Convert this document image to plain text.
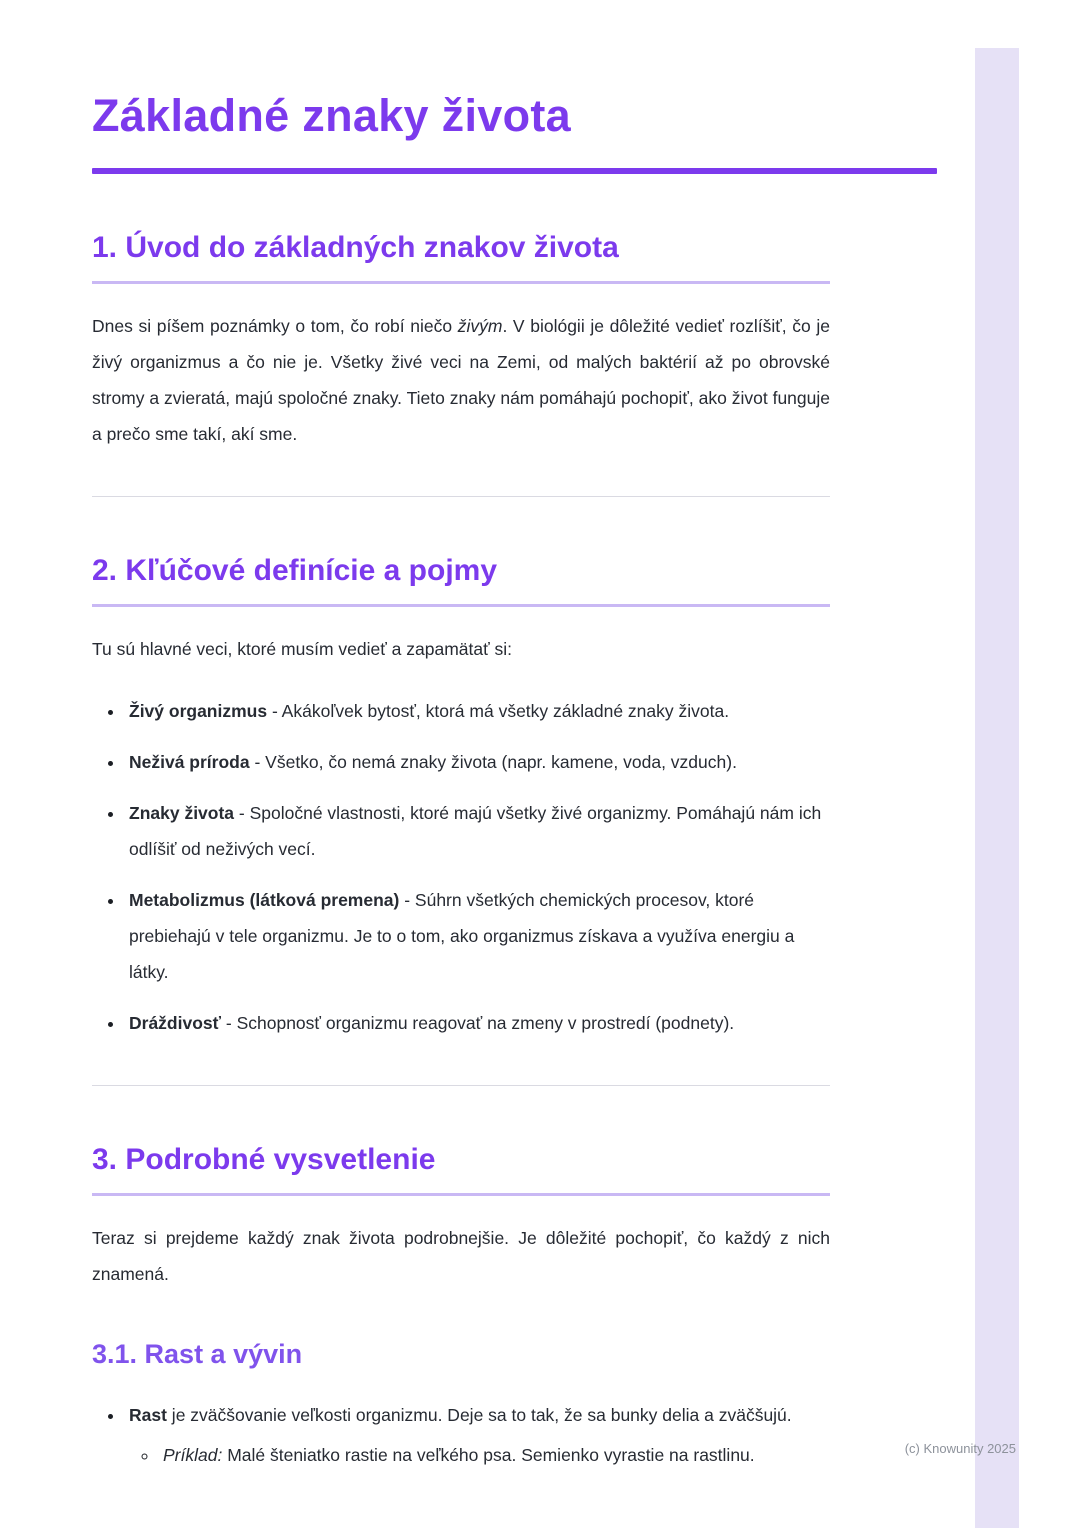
Základné znaky života
1. Úvod do základných znakov života

Dnes si píšem poznámky o tom, čo robí niečo živým. V biológii je dôležité vedieť rozlíšiť, čo je živý organizmus a čo nie je. Všetky živé veci na Zemi, od malých baktérií až po obrovské stromy a zvieratá, majú spoločné znaky. Tieto znaky nám pomáhajú pochopiť, ako život funguje a prečo sme takí, akí sme.

2. Kľúčové definície a pojmy

Tu sú hlavné veci, ktoré musím vedieť a zapamätať si:

• Živý organizmus - Akákoľvek bytosť, ktorá má všetky základné znaky života.
• Neživá príroda - Všetko, čo nemá znaky života (napr. kamene, voda, vzduch).
• Znaky života - Spoločné vlastnosti, ktoré majú všetky živé organizmy. Pomáhajú nám ich odlíšiť od neživých vecí.
• Metabolizmus (látková premena) - Súhrn všetkých chemických procesov, ktoré prebiehajú v tele organizmu. Je to o tom, ako organizmus získava a využíva energiu a látky.
• Dráždivosť - Schopnosť organizmu reagovať na zmeny v prostredí (podnety).
3. Podrobné vysvetlenie

Teraz si prejdeme každý znak života podrobnejšie. Je dôležité pochopiť, čo každý z nich znamená.

3.1. Rast a vývin
• Rast je zväčšovanie veľkosti organizmu. Deje sa to tak, že sa bunky delia a zväčšujú.
◦ Príklad: Malé šteniatko rastie na veľkého psa. Semienko vyrastie na rastlinu.	(c) Knowunity 2025
